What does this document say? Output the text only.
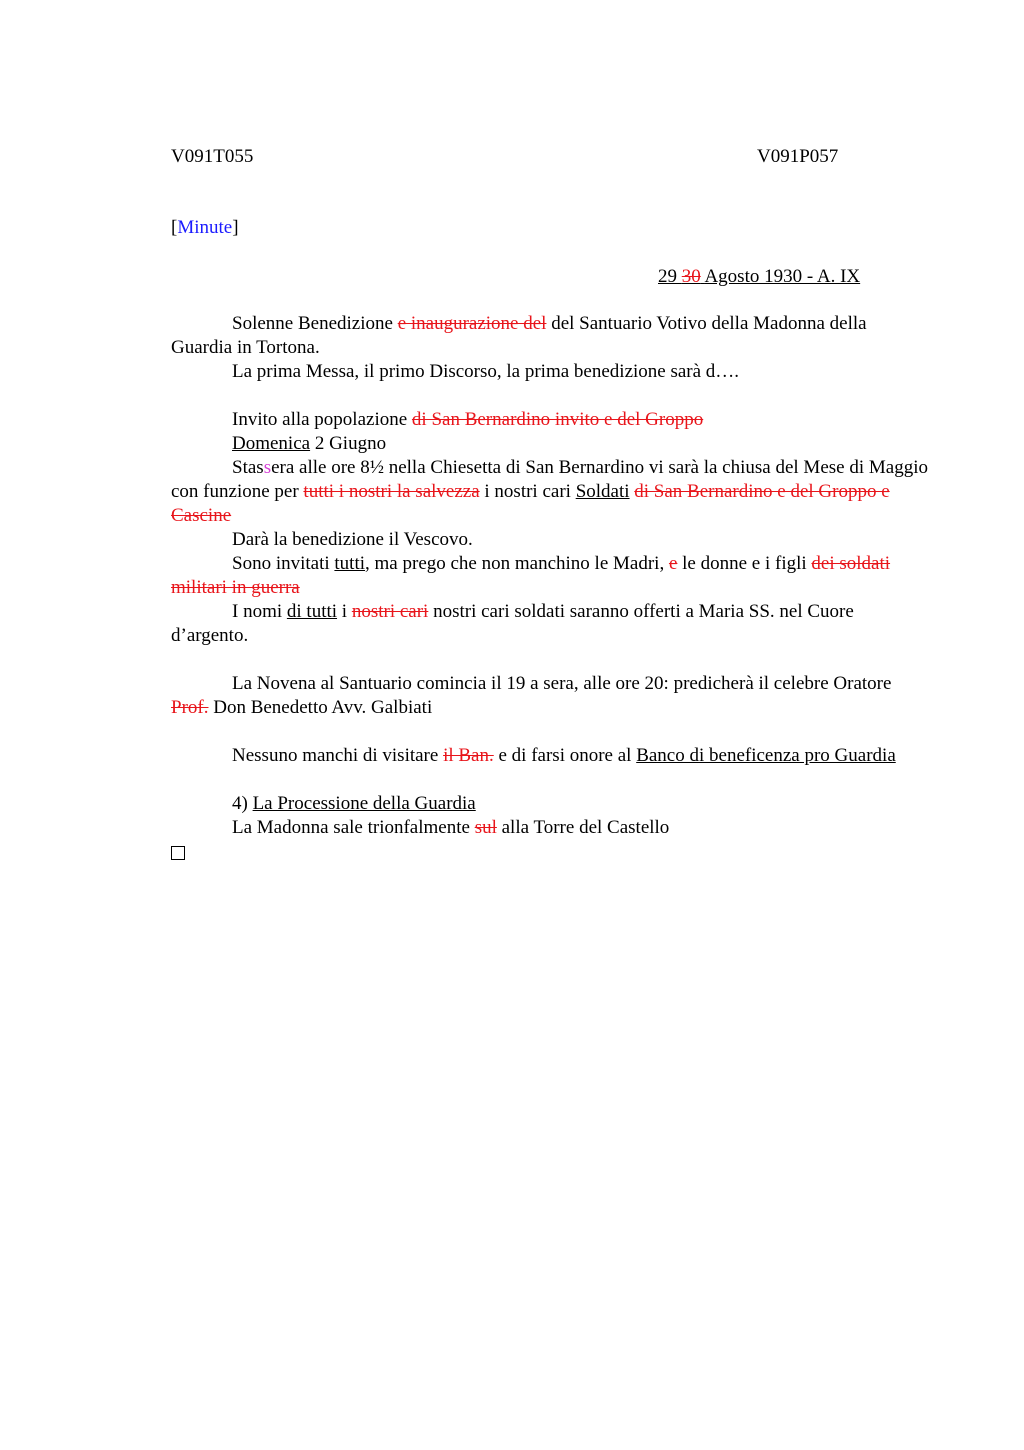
V091T055	V091P057
[Minute]
29 30 Agosto 1930 - A. IX

Solenne Benedizione e inaugurazione del del Santuario Votivo della Madonna della Guardia in Tortona.

La prima Messa, il primo Discorso, la prima benedizione sarà d….

Invito alla popolazione di San Bernardino invito e del Groppo

Domenica 2 Giugno

Stassera alle ore 8½ nella Chiesetta di San Bernardino vi sarà la chiusa del Mese di Maggio con funzione per tutti i nostri la salvezza i nostri cari Soldati di San Bernardino e del Groppo e Cascine

Darà la benedizione il Vescovo.

Sono invitati tutti, ma prego che non manchino le Madri, e le donne e i figli dei soldati militari in guerra

I nomi di tutti i nostri cari nostri cari soldati saranno offerti a Maria SS. nel Cuore d’argento.

La Novena al Santuario comincia il 19 a sera, alle ore 20: predicherà il celebre Oratore Prof. Don Benedetto Avv. Galbiati

Nessuno manchi di visitare il Ban. e di farsi onore al Banco di beneficenza pro Guardia

4) La Processione della Guardia

La Madonna sale trionfalmente sul alla Torre del Castello
